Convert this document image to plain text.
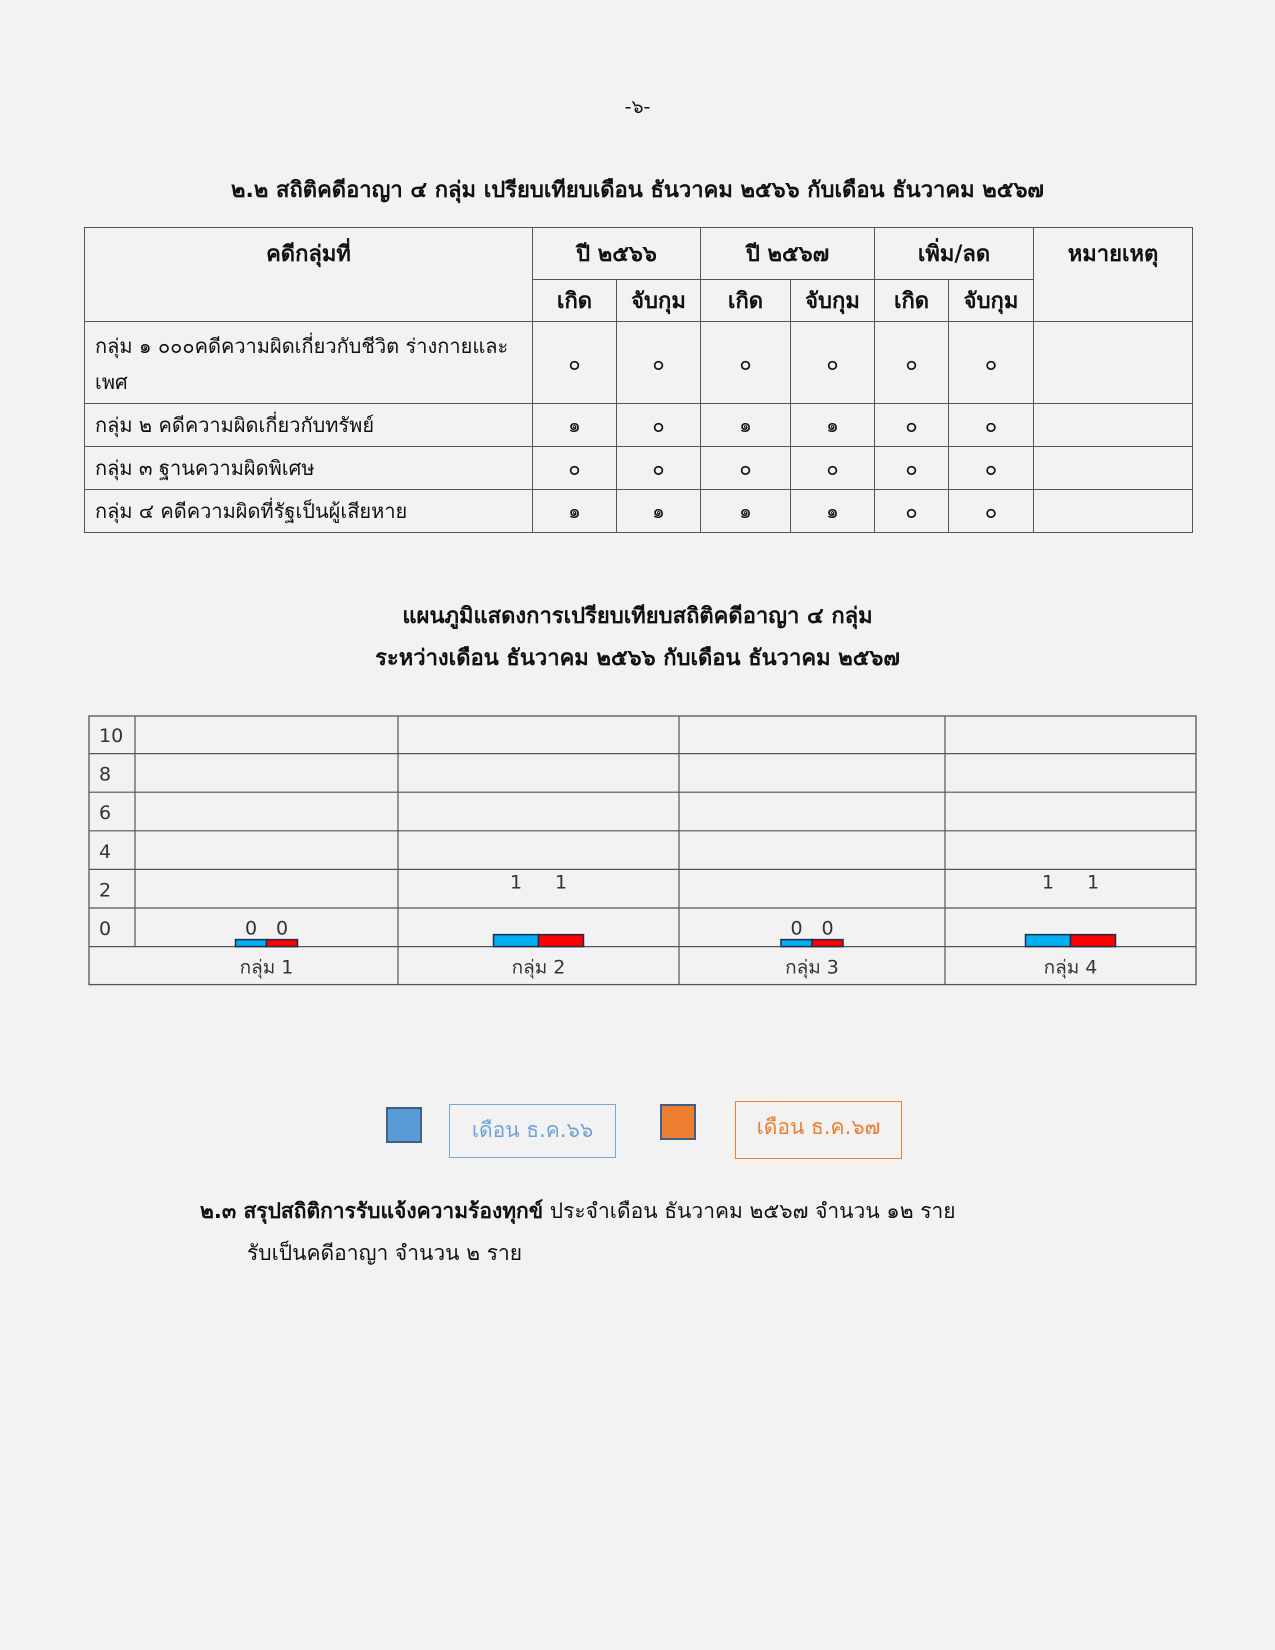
-๖-
๒.๒ สถิติคดีอาญา ๔ กลุ่ม เปรียบเทียบเดือน ธันวาคม ๒๕๖๖ กับเดือน ธันวาคม ๒๕๖๗
คดีกลุ่มที่	ปี ๒๕๖๖		ปี ๒๕๖๗		เพิ่ม/ลด		หมายเหตุ
	เกิด	จับกุม	เกิด	จับกุม	เกิด	จับกุม	
กลุ่ม ๑ ๐๐๐คดีความผิดเกี่ยวกับชีวิต ร่างกายและเพศ	๐	๐	๐	๐	๐	๐	
กลุ่ม ๒ คดีความผิดเกี่ยวกับทรัพย์	๑	๐	๑	๑	๐	๐	
กลุ่ม ๓ ฐานความผิดพิเศษ	๐	๐	๐	๐	๐	๐	
กลุ่ม ๔ คดีความผิดที่รัฐเป็นผู้เสียหาย	๑	๑	๑	๑	๐	๐	
แผนภูมิแสดงการเปรียบเทียบสถิติคดีอาญา ๔ กลุ่ม
ระหว่างเดือน ธันวาคม ๒๕๖๖ กับเดือน ธันวาคม ๒๕๖๗
10
8
6
4
2
0
กลุ่ม 1
0 0
กลุ่ม 2
1 1
กลุ่ม 3
0 0
กลุ่ม 4
1 1
เดือน ธ.ค.๖๖	เดือน ธ.ค.๖๗
๒.๓ สรุปสถิติการรับแจ้งความร้องทุกข์ ประจำเดือน ธันวาคม ๒๕๖๗ จำนวน ๑๒ ราย
รับเป็นคดีอาญา จำนวน ๒ ราย
